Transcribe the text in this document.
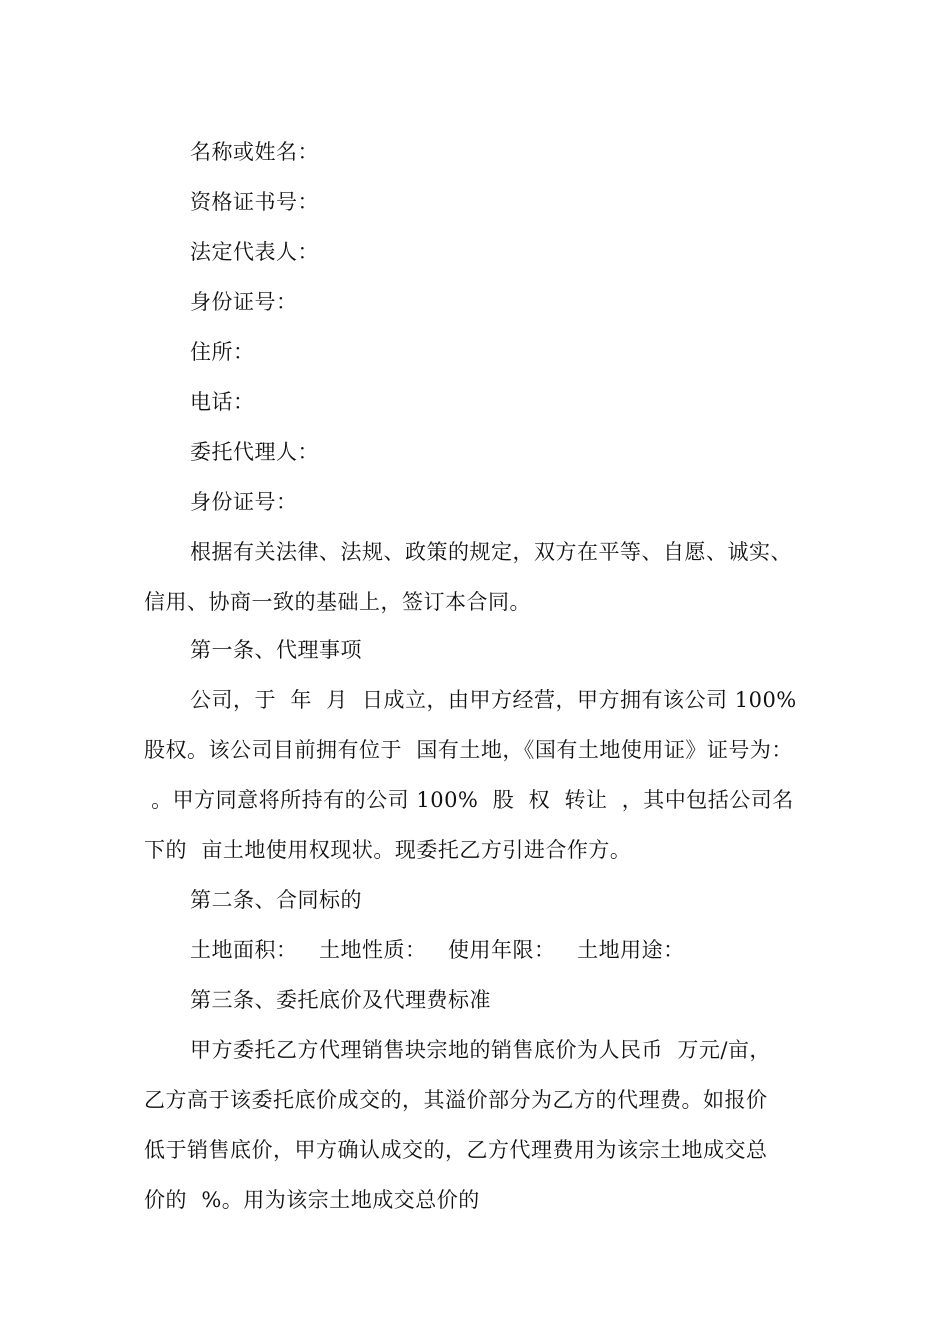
名称或姓名：
资格证书号：
法定代表人：
身份证号：
住所：
电话：
委托代理人：
身份证号：
根据有关法律、法规、政策的规定，双方在平等、自愿、诚实、
信用、协商一致的基础上，签订本合同。
第一条、代理事项
公司，于  年  月  日成立，由甲方经营，甲方拥有该公司 100%
股权。该公司目前拥有位于  国有土地，《国有土地使用证》证号为：
。甲方同意将所持有的公司 100%  股  权  转让  ，其中包括公司名
下的  亩土地使用权现状。现委托乙方引进合作方。
第二条、合同标的
土地面积：   土地性质：   使用年限：   土地用途：
第三条、委托底价及代理费标准
甲方委托乙方代理销售块宗地的销售底价为人民币  万元/亩，
乙方高于该委托底价成交的，其溢价部分为乙方的代理费。如报价
低于销售底价，甲方确认成交的，乙方代理费用为该宗土地成交总
价的  %。用为该宗土地成交总价的
